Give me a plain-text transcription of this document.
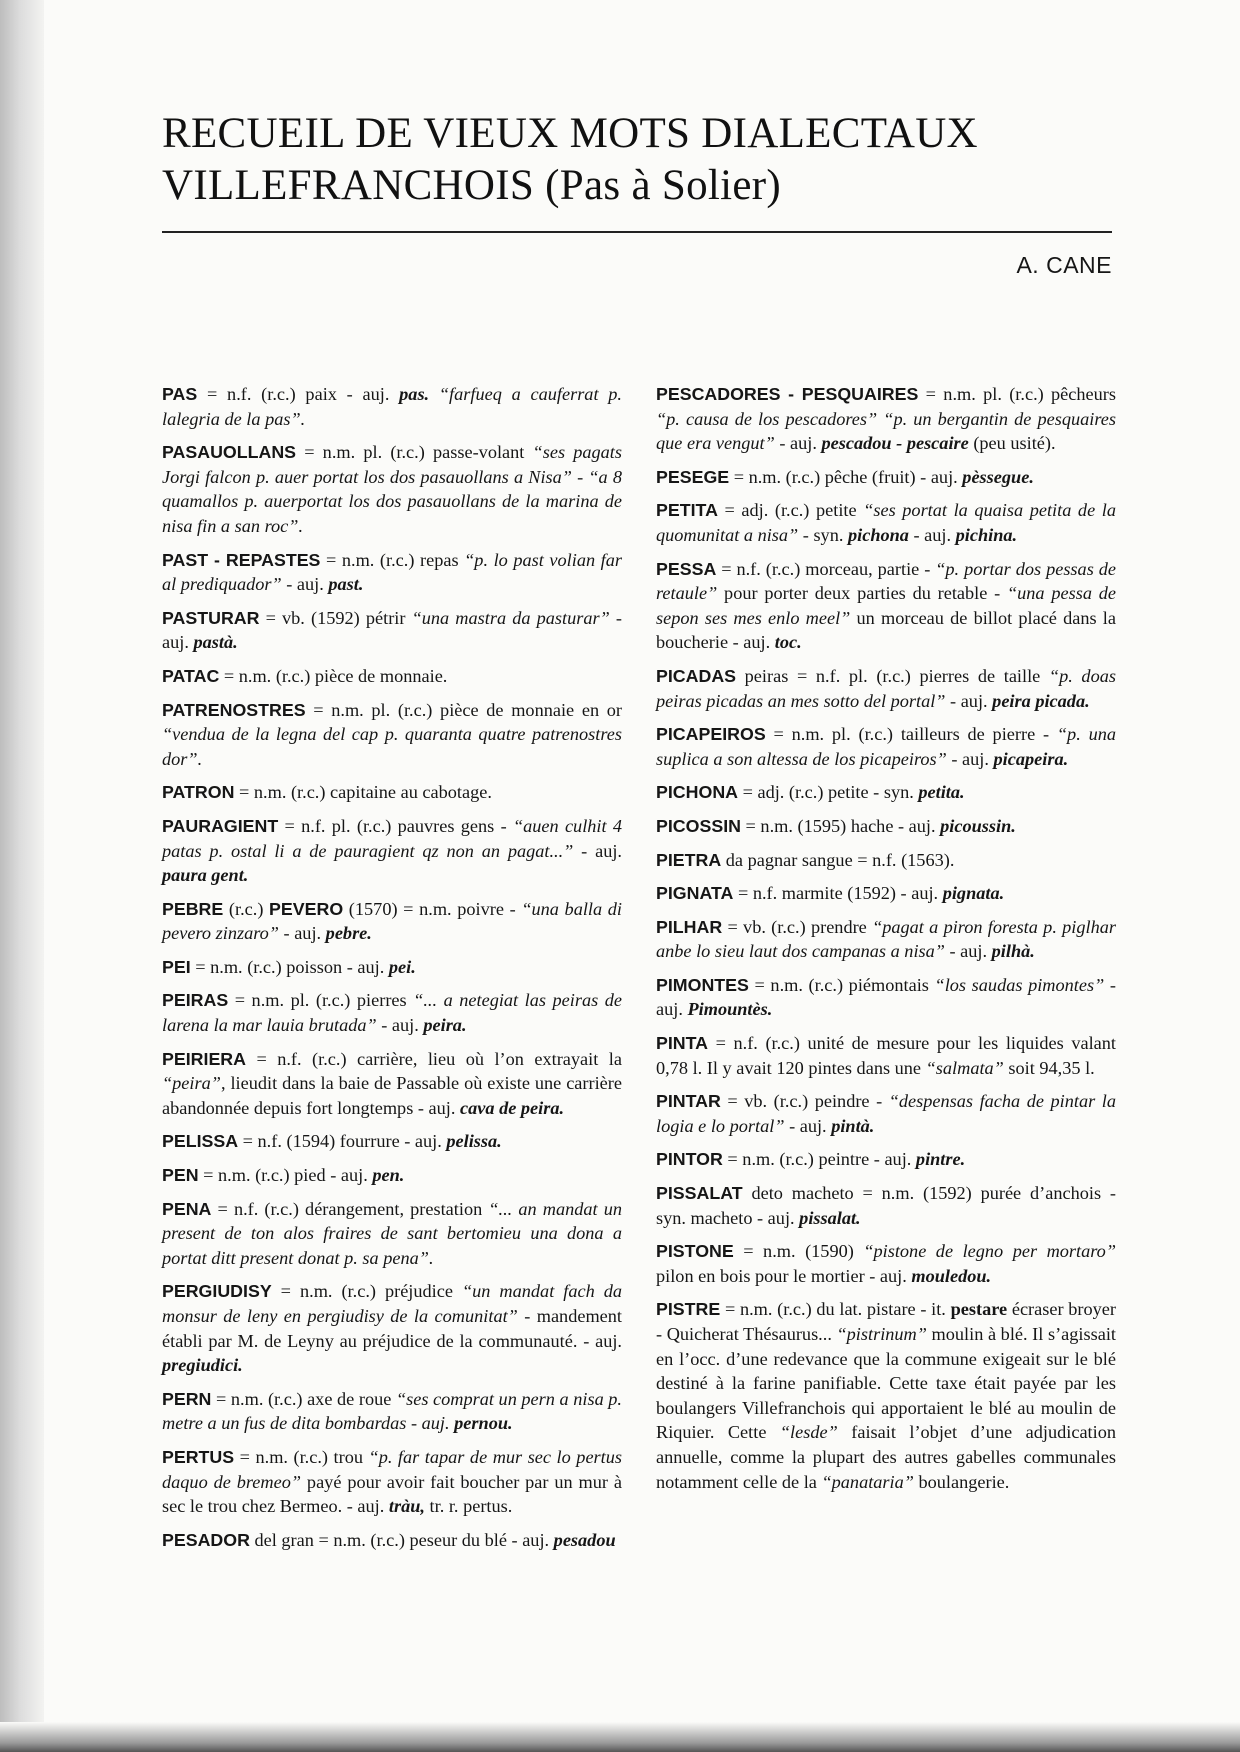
RECUEIL DE VIEUX MOTS DIALECTAUX
VILLEFRANCHOIS (Pas à Solier)
A. CANE

PAS = n.f. (r.c.) paix - auj. pas. “farfueq a cauferrat p. lalegria de la pas”.

PASAUOLLANS = n.m. pl. (r.c.) passe-volant “ses pagats Jorgi falcon p. auer portat los dos pasauollans a Nisa” - “a 8 quamallos p. auerportat los dos pasauollans de la marina de nisa fin a san roc”.

PAST - REPASTES = n.m. (r.c.) repas “p. lo past volian far al prediquador” - auj. past.

PASTURAR = vb. (1592) pétrir “una mastra da pasturar” - auj. pastà.

PATAC = n.m. (r.c.) pièce de monnaie.

PATRENOSTRES = n.m. pl. (r.c.) pièce de monnaie en or “vendua de la legna del cap p. quaranta quatre patrenostres dor”.

PATRON = n.m. (r.c.) capitaine au cabotage.

PAURAGIENT = n.f. pl. (r.c.) pauvres gens - “auen culhit 4 patas p. ostal li a de pauragient qz non an pagat...” - auj. paura gent.

PEBRE (r.c.) PEVERO (1570) = n.m. poivre - “una balla di pevero zinzaro” - auj. pebre.

PEI = n.m. (r.c.) poisson - auj. pei.

PEIRAS = n.m. pl. (r.c.) pierres “... a netegiat las peiras de larena la mar lauia brutada” - auj. peira.

PEIRIERA = n.f. (r.c.) carrière, lieu où l’on extrayait la “peira”, lieudit dans la baie de Passable où existe une carrière abandonnée depuis fort longtemps - auj. cava de peira.

PELISSA = n.f. (1594) fourrure - auj. pelissa.

PEN = n.m. (r.c.) pied - auj. pen.

PENA = n.f. (r.c.) dérangement, prestation “... an mandat un present de ton alos fraires de sant bertomieu una dona a portat ditt present donat p. sa pena”.

PERGIUDISY = n.m. (r.c.) préjudice “un mandat fach da monsur de leny en pergiudisy de la comunitat” - mandement établi par M. de Leyny au préjudice de la communauté. - auj. pregiudici.

PERN = n.m. (r.c.) axe de roue “ses comprat un pern a nisa p. metre a un fus de dita bombardas - auj. pernou.

PERTUS = n.m. (r.c.) trou “p. far tapar de mur sec lo pertus daquo de bremeo” payé pour avoir fait boucher par un mur à sec le trou chez Bermeo. - auj. tràu, tr. r. pertus.

PESADOR del gran = n.m. (r.c.) peseur du blé - auj. pesadou

PESCADORES - PESQUAIRES = n.m. pl. (r.c.) pêcheurs “p. causa de los pescadores” “p. un bergantin de pesquaires que era vengut” - auj. pescadou - pescaire (peu usité).

PESEGE = n.m. (r.c.) pêche (fruit) - auj. pèssegue.

PETITA = adj. (r.c.) petite “ses portat la quaisa petita de la quomunitat a nisa” - syn. pichona - auj. pichina.

PESSA = n.f. (r.c.) morceau, partie - “p. portar dos pessas de retaule” pour porter deux parties du retable - “una pessa de sepon ses mes enlo meel” un morceau de billot placé dans la boucherie - auj. toc.

PICADAS peiras = n.f. pl. (r.c.) pierres de taille “p. doas peiras picadas an mes sotto del portal” - auj. peira picada.

PICAPEIROS = n.m. pl. (r.c.) tailleurs de pierre - “p. una suplica a son altessa de los picapeiros” - auj. picapeira.

PICHONA = adj. (r.c.) petite - syn. petita.

PICOSSIN = n.m. (1595) hache - auj. picoussin.

PIETRA da pagnar sangue = n.f. (1563).

PIGNATA = n.f. marmite (1592) - auj. pignata.

PILHAR = vb. (r.c.) prendre “pagat a piron foresta p. piglhar anbe lo sieu laut dos campanas a nisa” - auj. pilhà.

PIMONTES = n.m. (r.c.) piémontais “los saudas pimontes” - auj. Pimountès.

PINTA = n.f. (r.c.) unité de mesure pour les liquides valant 0,78 l. Il y avait 120 pintes dans une “salmata” soit 94,35 l.

PINTAR = vb. (r.c.) peindre - “despensas facha de pintar la logia e lo portal” - auj. pintà.

PINTOR = n.m. (r.c.) peintre - auj. pintre.

PISSALAT deto macheto = n.m. (1592) purée d’anchois - syn. macheto - auj. pissalat.

PISTONE = n.m. (1590) “pistone de legno per mortaro” pilon en bois pour le mortier - auj. mouledou.

PISTRE = n.m. (r.c.) du lat. pistare - it. pestare écraser broyer - Quicherat Thésaurus... “pistrinum” moulin à blé. Il s’agissait en l’occ. d’une redevance que la commune exigeait sur le blé destiné à la farine panifiable. Cette taxe était payée par les boulangers Villefranchois qui apportaient le blé au moulin de Riquier. Cette “lesde” faisait l’objet d’une adjudication annuelle, comme la plupart des autres gabelles communales notamment celle de la “panataria” boulangerie.
